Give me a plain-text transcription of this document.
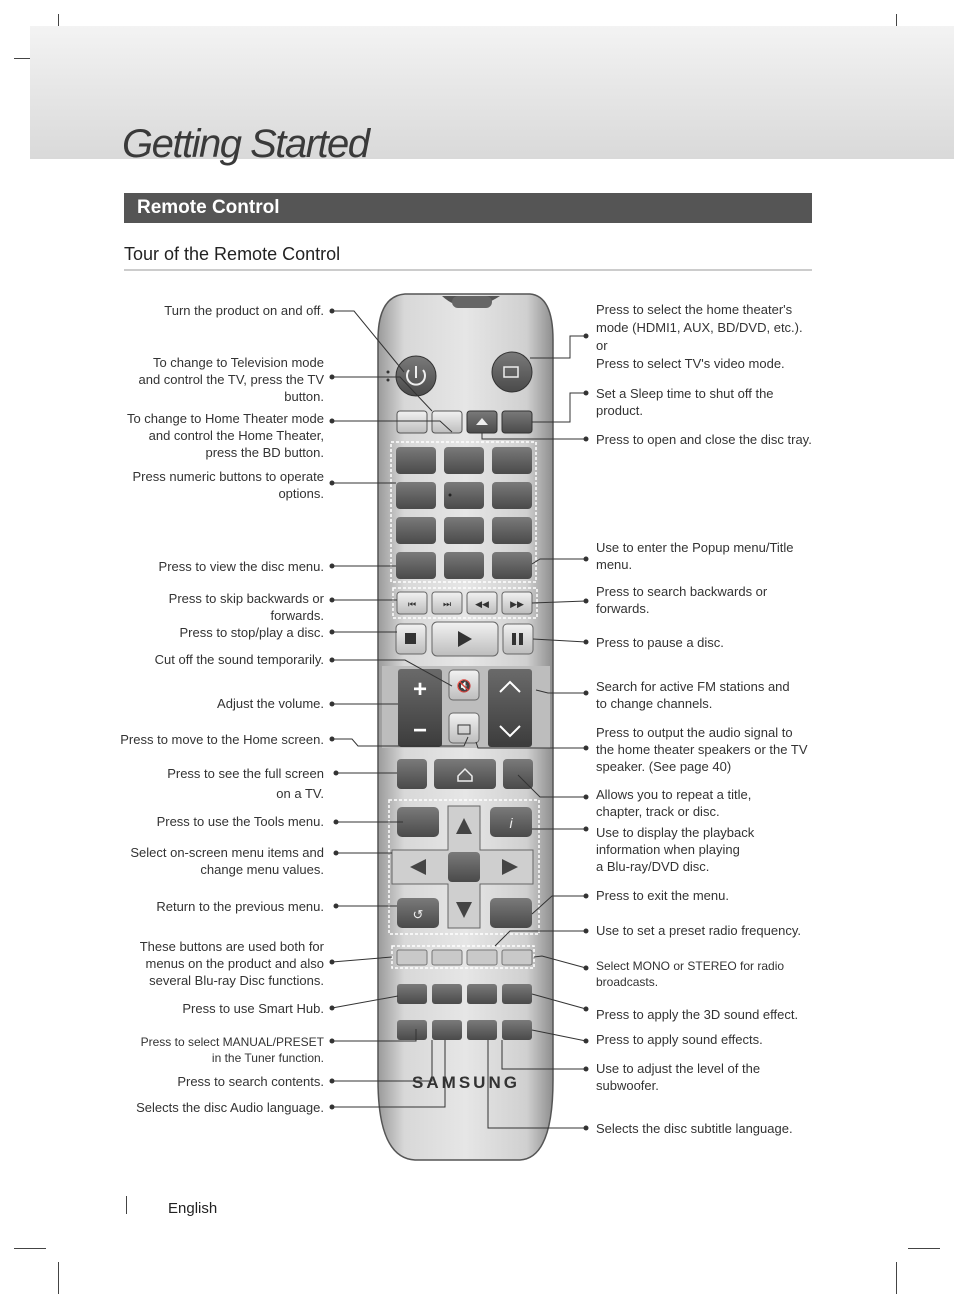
Getting Started
Remote Control
Tour of the Remote Control
⏮	⏭	◀◀ ▶▶
+
−
🔇
i
↺
SAMSUNG
Turn the product on and off.
To change to Television mode
and control the TV, press the TV
button.
To change to Home Theater mode
and control the Home Theater,
press the BD button.
Press numeric buttons to operate
options.
Press to view the disc menu.
Press to skip backwards or
forwards.
Press to stop/play a disc.
Cut off the sound temporarily.
Adjust the volume.
Press to move to the Home screen.
Press to see the full screen
on a TV.
Press to use the Tools menu.
Select on-screen menu items and
change menu values.
Return to the previous menu.
These buttons are used both for
menus on the product and also
several Blu-ray Disc functions.
Press to use Smart Hub.
Press to select MANUAL/PRESET
in the Tuner function.
Press to search contents.
Selects the disc Audio language.
Press to select the home theater's
mode (HDMI1, AUX, BD/DVD, etc.).
or
Press to select TV's video mode.
Set a Sleep time to shut off the
product.
Press to open and close the disc tray.
Use to enter the Popup menu/Title
menu.
Press to search backwards or
forwards.
Press to pause a disc.
Search for active FM stations and
to change channels.
Press to output the audio signal to
the home theater speakers or the TV
speaker. (See page 40)
Allows you to repeat a title,
chapter, track or disc.
Use to display the playback
information when playing
a Blu-ray/DVD disc.
Press to exit the menu.
Use to set a preset radio frequency.
Select MONO or STEREO for radio
broadcasts.
Press to apply the 3D sound effect.
Press to apply sound effects.
Use to adjust the level of the
subwoofer.
Selects the disc subtitle language.
English
